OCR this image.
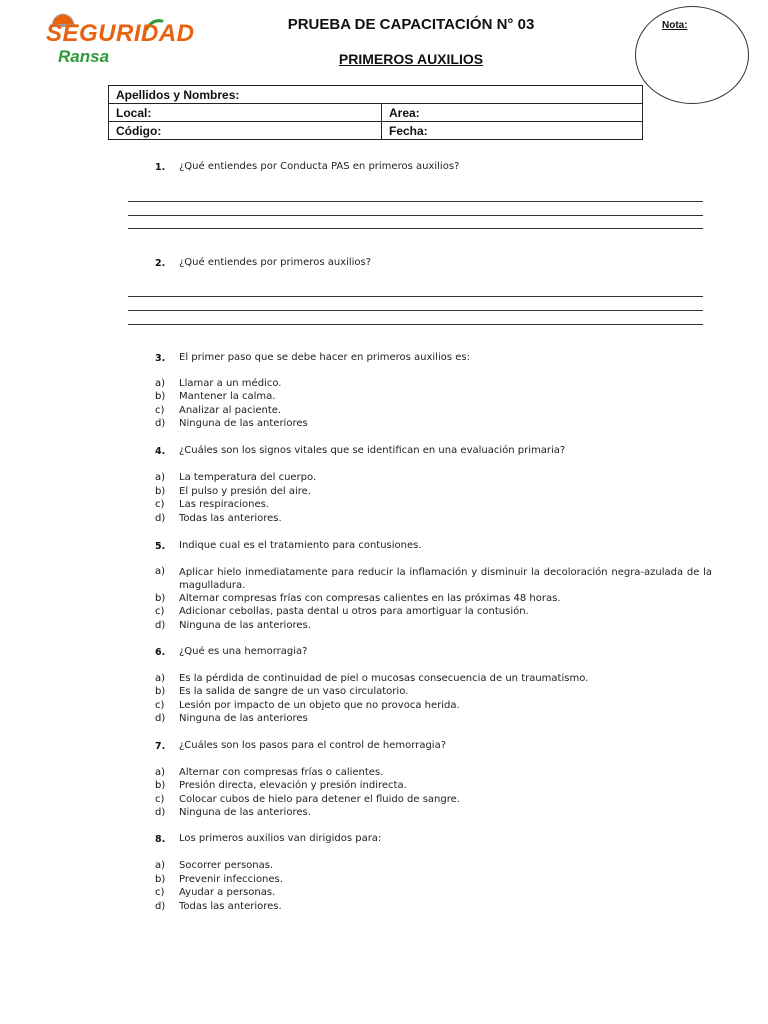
SEGURIDAD
Ransa
PRUEBA DE CAPACITACIÓN N° 03
PRIMEROS AUXILIOS
Nota:
Apellidos y Nombres:	
Local:	Area:
Código:	Fecha:
1. ¿Qué entiendes por Conducta PAS en primeros auxilios?
2. ¿Qué entiendes por primeros auxilios?
3. El primer paso que se debe hacer en primeros auxilios es:
a) Llamar a un médico.
b) Mantener la calma.
c) Analizar al paciente.
d) Ninguna de las anteriores
4. ¿Cuáles son los signos vitales que se identifican en una evaluación primaria?
a) La temperatura del cuerpo.
b) El pulso y presión del aire.
c) Las respiraciones.
d) Todas las anteriores.
5. Indique cual es el tratamiento para contusiones.
a) Aplicar hielo inmediatamente para reducir la inflamación y disminuir la decoloración negra-azulada de la magulladura.
b) Alternar compresas frías con compresas calientes en las próximas 48 horas.
c) Adicionar cebollas, pasta dental u otros para amortiguar la contusión.
d) Ninguna de las anteriores.
6. ¿Qué es una hemorragia?
a) Es la pérdida de continuidad de piel o mucosas consecuencia de un traumatismo.
b) Es la salida de sangre de un vaso circulatorio.
c) Lesión por impacto de un objeto que no provoca herida.
d) Ninguna de las anteriores
7. ¿Cuáles son los pasos para el control de hemorragia?
a) Alternar con compresas frías o calientes.
b) Presión directa, elevación y presión indirecta.
c) Colocar cubos de hielo para detener el fluido de sangre.
d) Ninguna de las anteriores.
8. Los primeros auxilios van dirigidos para:
a) Socorrer personas.
b) Prevenir infecciones.
c) Ayudar a personas.
d) Todas las anteriores.
